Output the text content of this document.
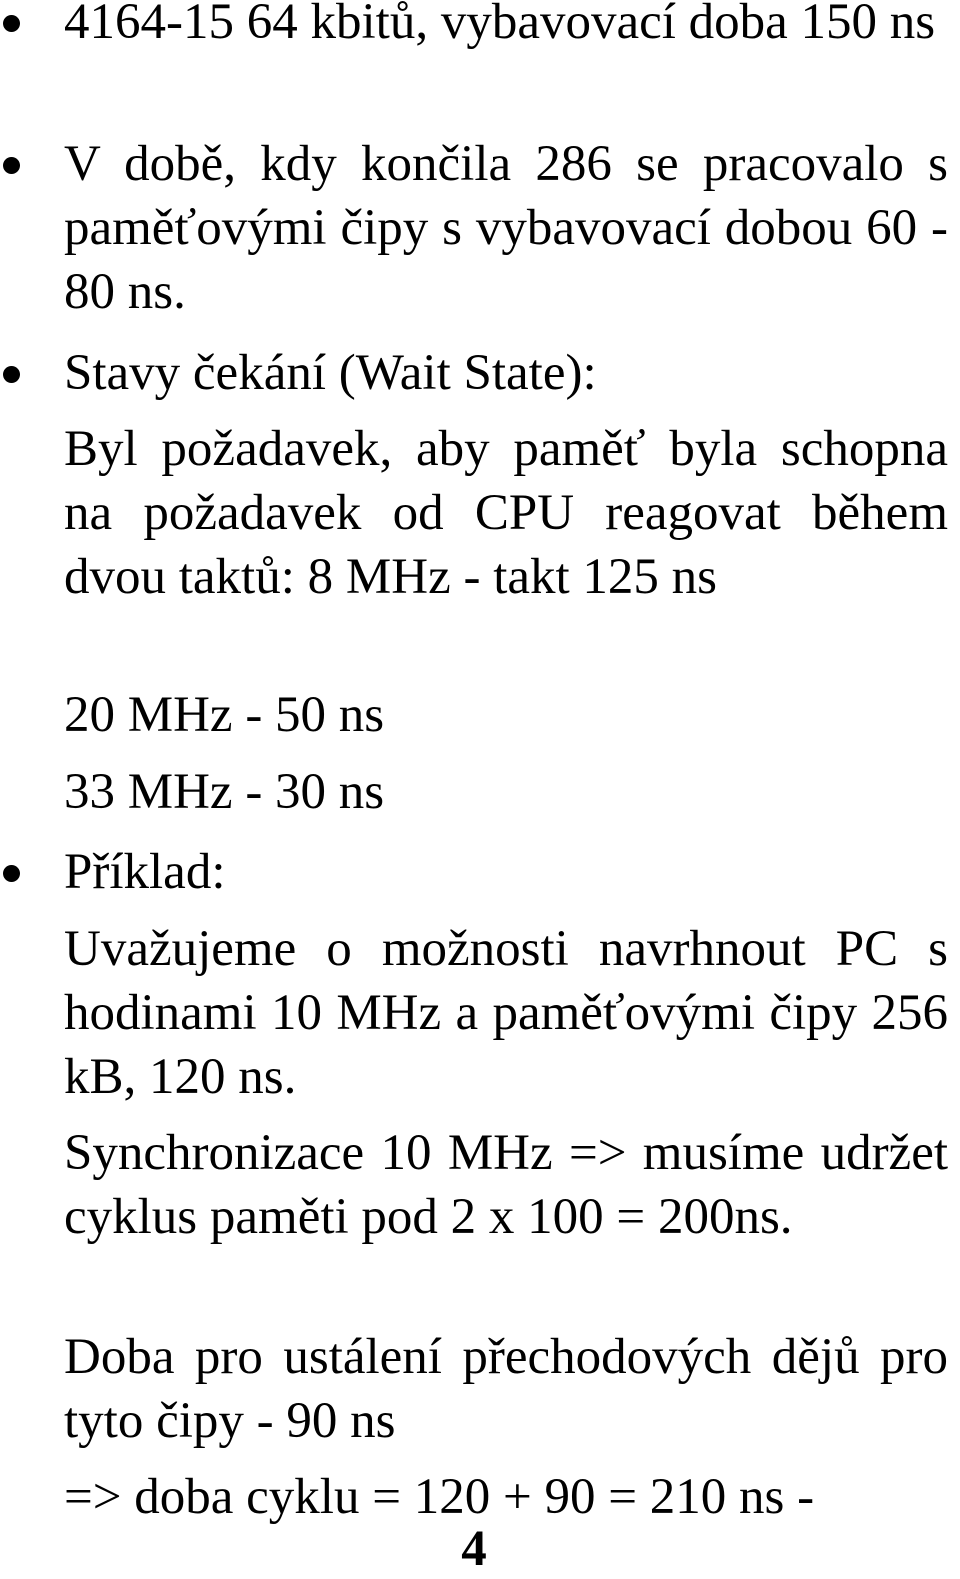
4164-15 64 kbitů, vybavovací doba 150 ns
V době, kdy končila 286 se pracovalo s paměťovými čipy s vybavovací dobou 60 - 80 ns.
Stavy čekání (Wait State):
Byl požadavek, aby paměť byla schopna na požadavek od CPU reagovat během dvou taktů: 8 MHz - takt 125 ns
20 MHz - 50 ns
33 MHz - 30 ns
Příklad:
Uvažujeme o možnosti navrhnout PC s hodinami 10 MHz a paměťovými čipy 256 kB, 120 ns.
Synchronizace 10 MHz => musíme udržet cyklus paměti pod 2 x 100 = 200ns.
Doba pro ustálení přechodových dějů pro tyto čipy - 90 ns
=> doba cyklu = 120 + 90 = 210 ns -
4
